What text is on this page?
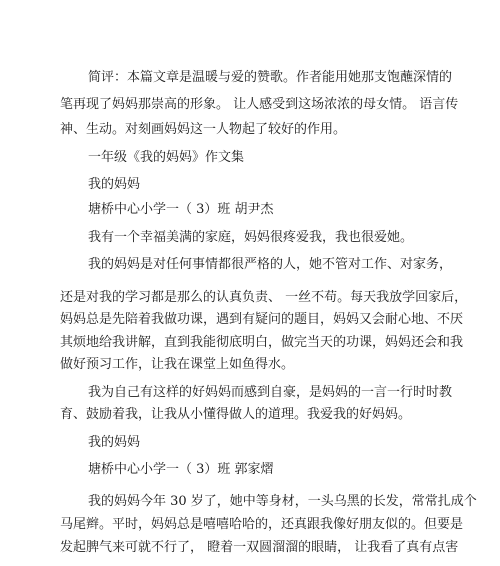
简评：本篇文章是温暖与爱的赞歌。作者能用她那支饱蘸深情的
笔再现了妈妈那崇高的形象。 让人感受到这场浓浓的母女情。 语言传
神、生动。对刻画妈妈这一人物起了较好的作用。
一年级《我的妈妈》作文集
我的妈妈
塘桥中心小学一（ 3）班 胡尹杰
我有一个幸福美满的家庭，妈妈很疼爱我，我也很爱她。
我的妈妈是对任何事情都很严格的人，她不管对工作、对家务，
还是对我的学习都是那么的认真负责、 一丝不苟。每天我放学回家后，
妈妈总是先陪着我做功课，遇到有疑问的题目，妈妈又会耐心地、不厌
其烦地给我讲解，直到我能彻底明白，做完当天的功课，妈妈还会和我
做好预习工作，让我在课堂上如鱼得水。
我为自己有这样的好妈妈而感到自豪，是妈妈的一言一行时时教
育、鼓励着我，让我从小懂得做人的道理。我爱我的好妈妈。
我的妈妈
塘桥中心小学一（ 3）班 郭家熠
我的妈妈今年 30 岁了，她中等身材，一头乌黑的长发，常常扎成个
马尾辫。平时，妈妈总是嘻嘻哈哈的，还真跟我像好朋友似的。但要是
发起脾气来可就不行了， 瞪着一双圆溜溜的眼睛， 让我看了真有点害
